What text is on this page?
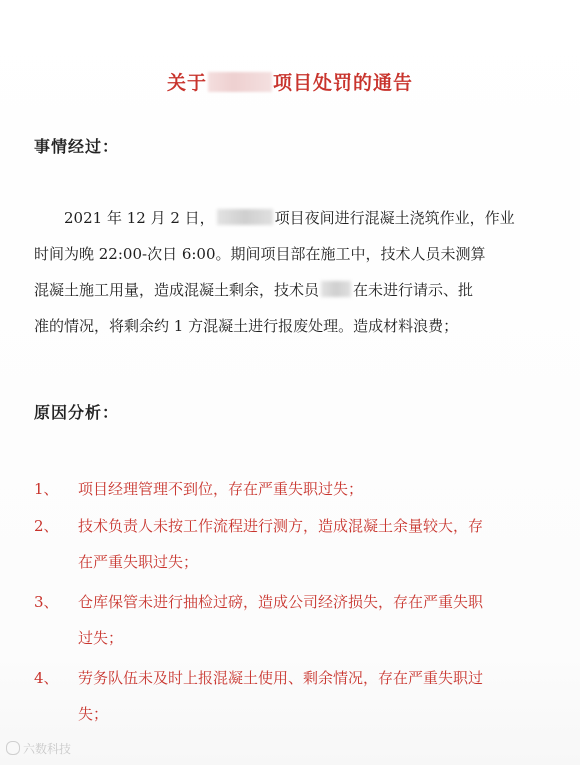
关于	项目处罚的通告
事情经过：
2021 年 12 月 2 日，	项目夜间进行混凝土浇筑作业，作业
时间为晚 22:00-次日 6:00。期间项目部在施工中，技术人员未测算
混凝土施工用量，造成混凝土剩余，技术员 在未进行请示、批
准的情况，将剩余约 1 方混凝土进行报废处理。造成材料浪费；
原因分析：
1、 项目经理管理不到位，存在严重失职过失；
2、 技术负责人未按工作流程进行测方，造成混凝土余量较大，存
在严重失职过失；
3、 仓库保管未进行抽检过磅，造成公司经济损失，存在严重失职
过失；
4、 劳务队伍未及时上报混凝土使用、剩余情况，存在严重失职过
失；
六数科技
